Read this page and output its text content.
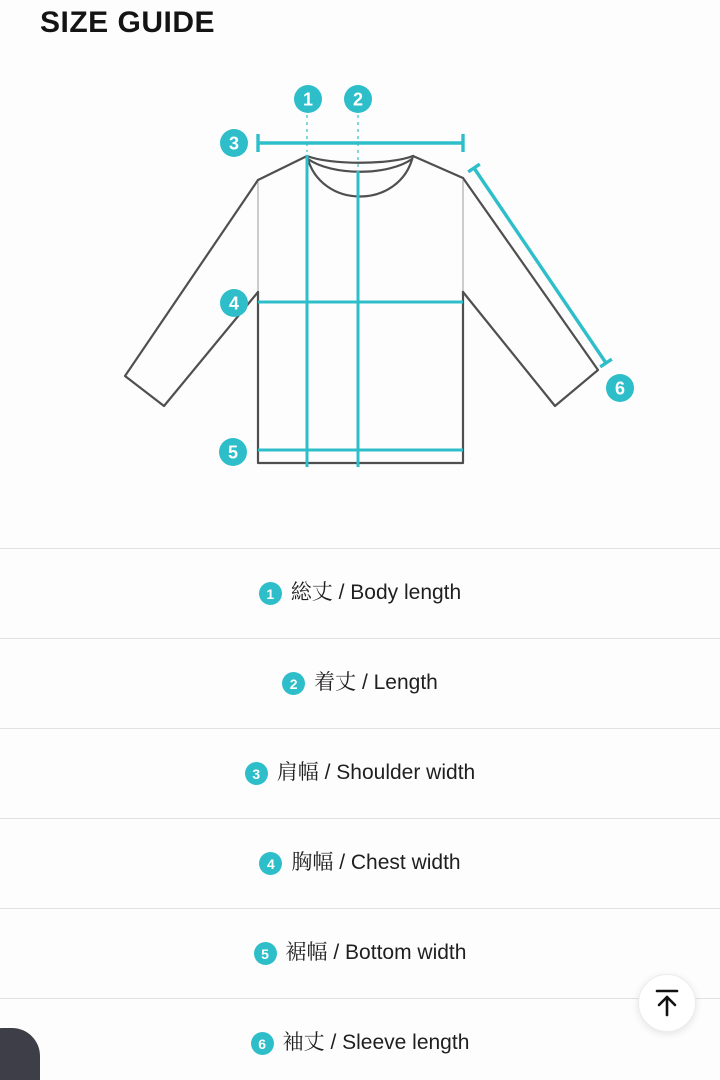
SIZE GUIDE
1 2
3
4
5
6
1 総丈 / Body length
2 着丈 / Length
3 肩幅 / Shoulder width
4 胸幅 / Chest width
5 裾幅 / Bottom width
6 袖丈 / Sleeve length
